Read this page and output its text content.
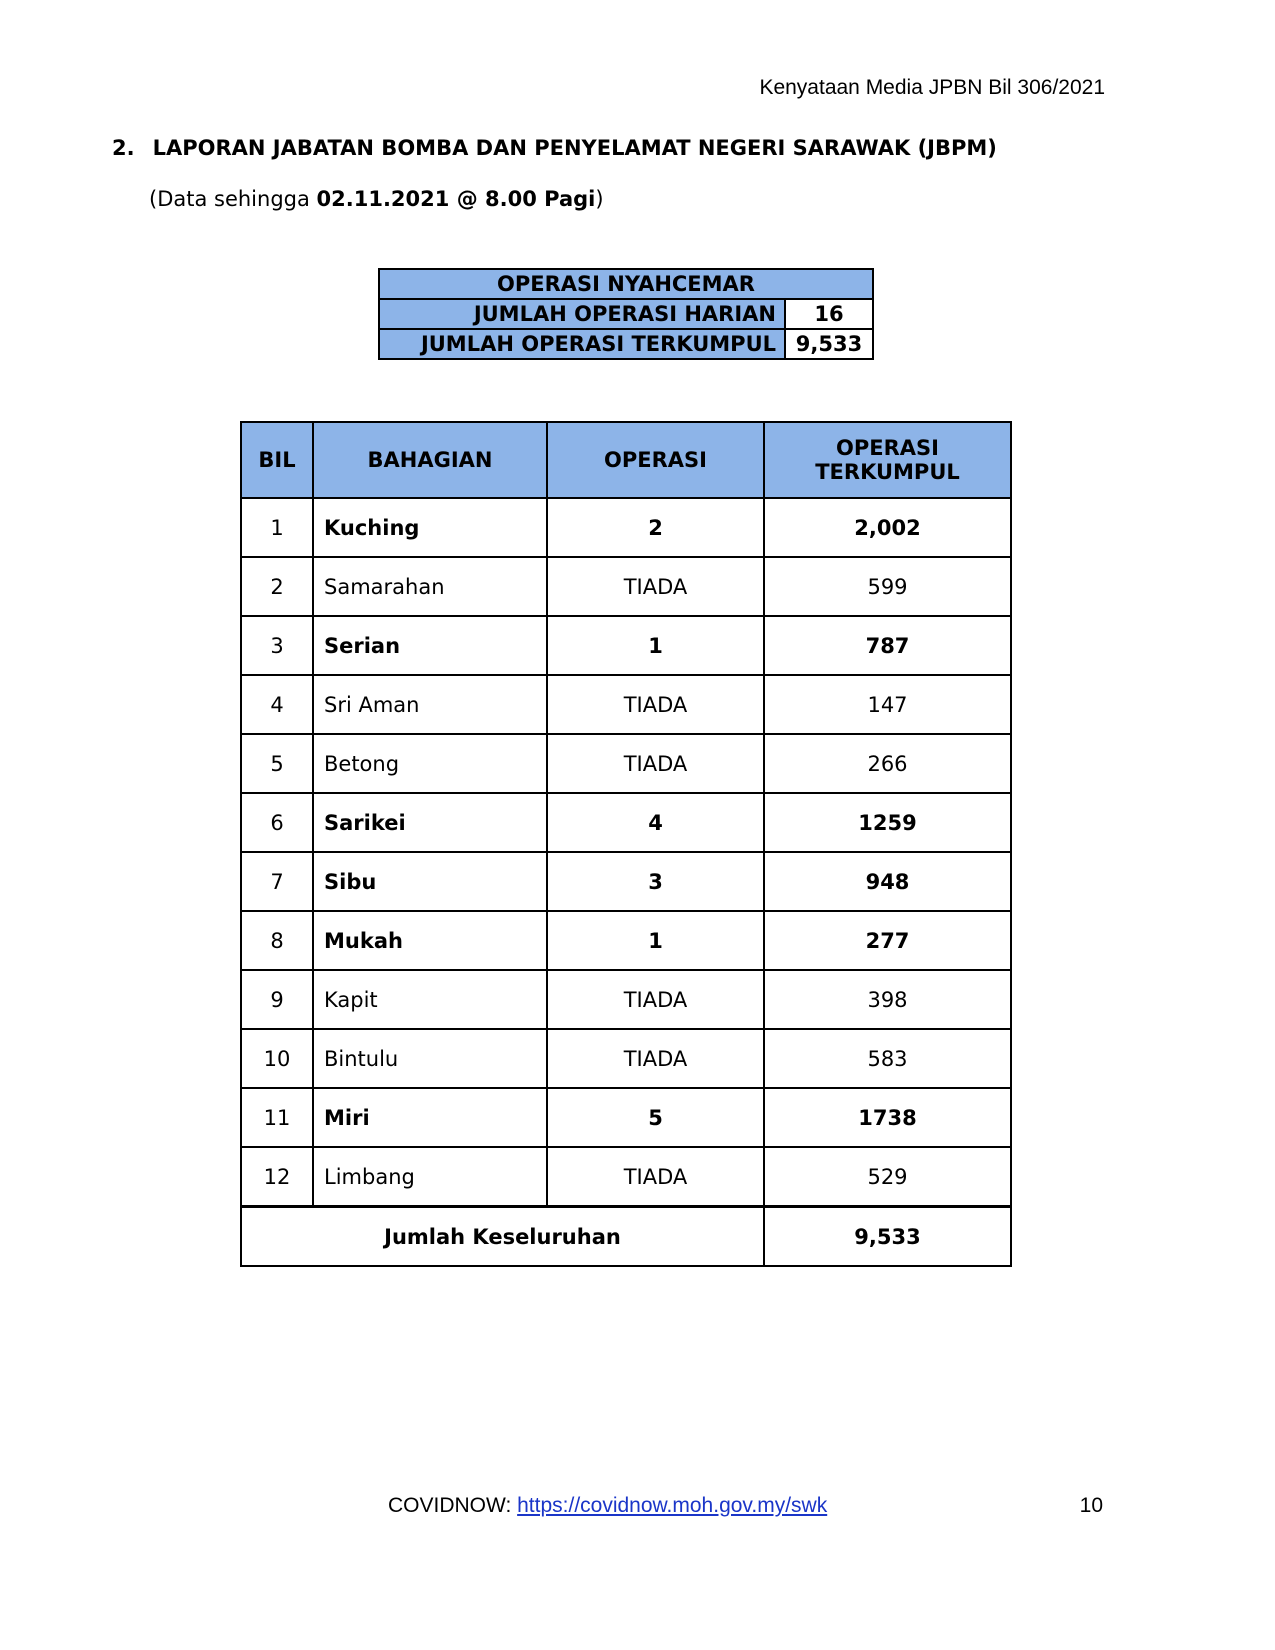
Kenyataan Media JPBN Bil 306/2021
2. LAPORAN JABATAN BOMBA DAN PENYELAMAT NEGERI SARAWAK (JBPM)
(Data sehingga 02.11.2021 @ 8.00 Pagi)
OPERASI NYAHCEMAR	
JUMLAH OPERASI HARIAN	16
JUMLAH OPERASI TERKUMPUL	9,533
BIL	BAHAGIAN	OPERASI	OPERASI TERKUMPUL
1	Kuching	2	2,002
2	Samarahan	TIADA	599
3	Serian	1	787
4	Sri Aman	TIADA	147
5	Betong	TIADA	266
6	Sarikei	4	1259
7	Sibu	3	948
8	Mukah	1	277
9	Kapit	TIADA	398
10	Bintulu	TIADA	583
11	Miri	5	1738
12	Limbang	TIADA	529
Jumlah Keseluruhan			9,533
COVIDNOW: https://covidnow.moh.gov.my/swk	10
